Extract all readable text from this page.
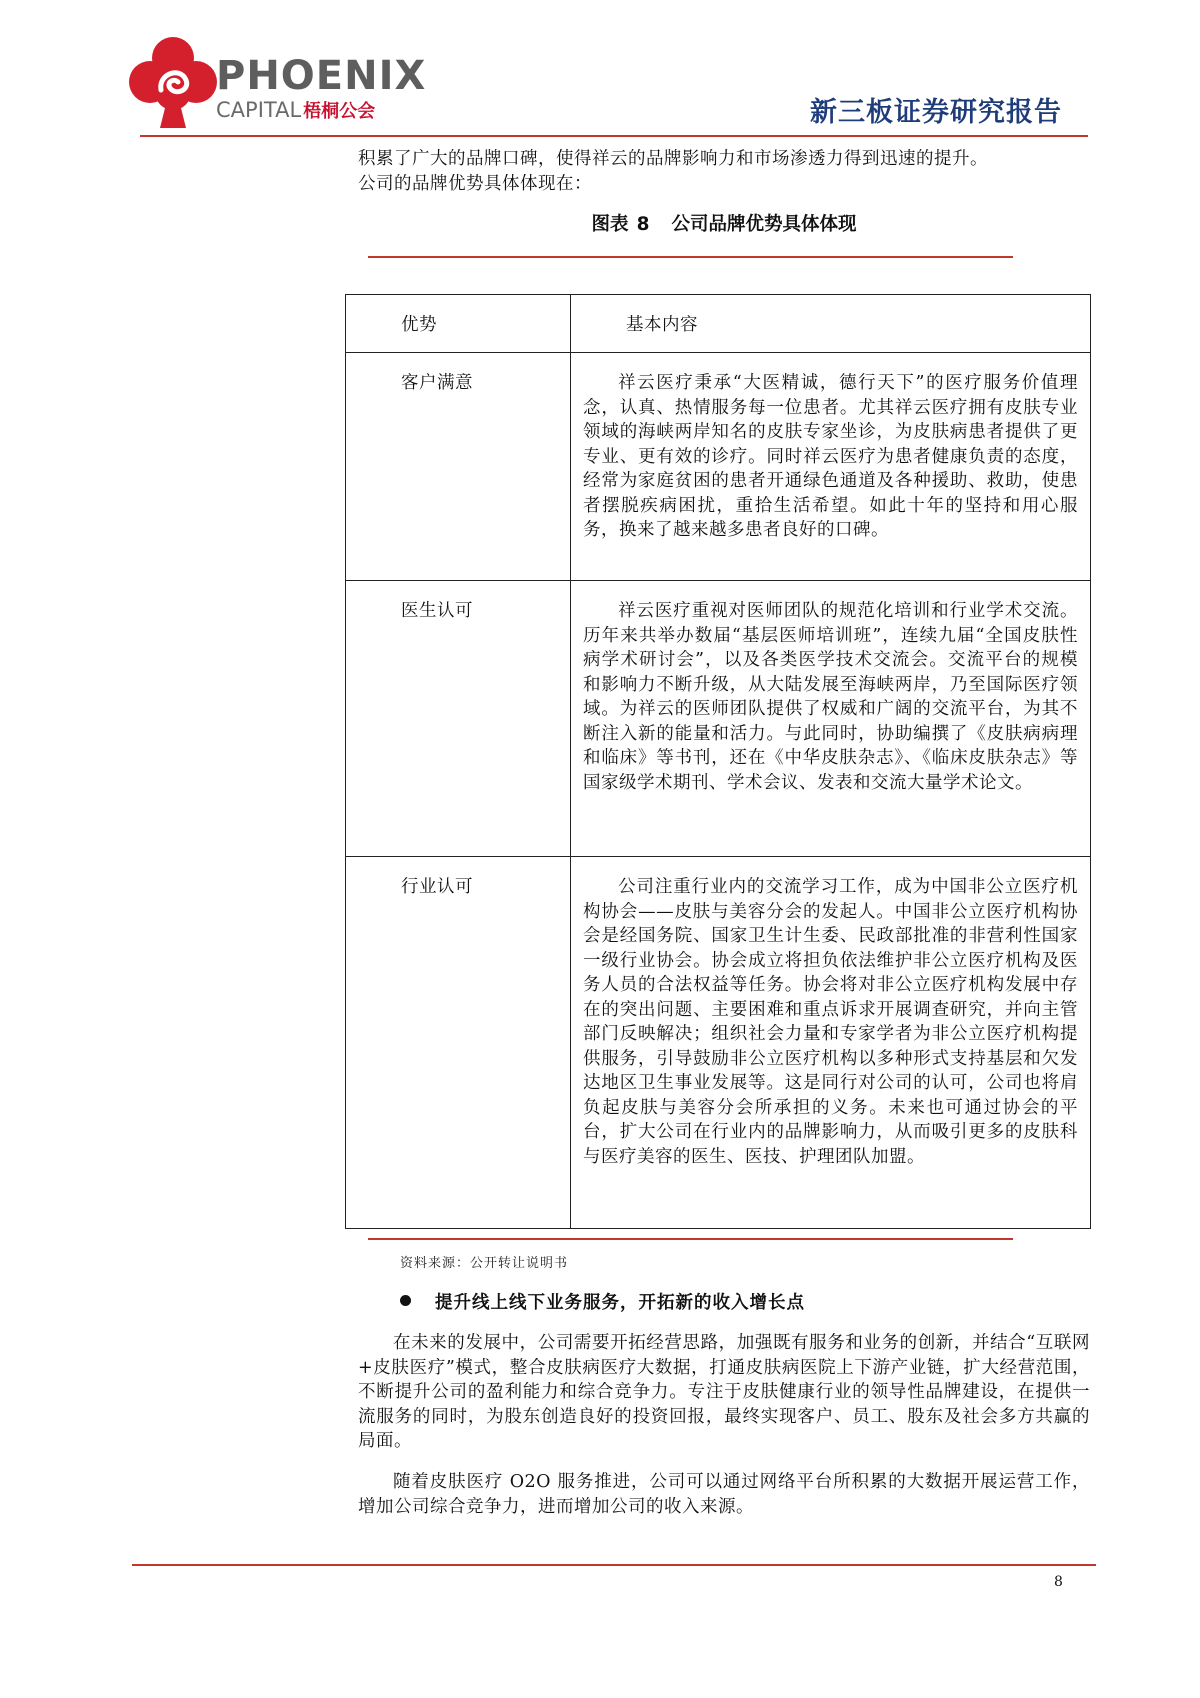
PHOENIX
CAPITAL 梧桐公会	新三板证券研究报告
积累了广大的品牌口碑，使得祥云的品牌影响力和市场渗透力得到迅速的提升。
公司的品牌优势具体体现在：
图表 8 公司品牌优势具体体现
优势	基本内容
客户满意	祥云医疗秉承“大医精诚，德行天下”的医疗服务价值理念，认真、热情服务每一位患者。尤其祥云医疗拥有皮肤专业领域的海峡两岸知名的皮肤专家坐诊，为皮肤病患者提供了更专业、更有效的诊疗。同时祥云医疗为患者健康负责的态度，经常为家庭贫困的患者开通绿色通道及各种援助、救助，使患者摆脱疾病困扰，重拾生活希望。如此十年的坚持和用心服务，换来了越来越多患者良好的口碑。

医生认可	祥云医疗重视对医师团队的规范化培训和行业学术交流。历年来共举办数届“基层医师培训班”，连续九届“全国皮肤性病学术研讨会”，以及各类医学技术交流会。交流平台的规模和影响力不断升级，从大陆发展至海峡两岸，乃至国际医疗领域。为祥云的医师团队提供了权威和广阔的交流平台，为其不断注入新的能量和活力。与此同时，协助编撰了《皮肤病病理和临床》等书刊，还在《中华皮肤杂志》、《临床皮肤杂志》等国家级学术期刊、学术会议、发表和交流大量学术论文。

行业认可	公司注重行业内的交流学习工作，成为中国非公立医疗机构协会——皮肤与美容分会的发起人。中国非公立医疗机构协会是经国务院、国家卫生计生委、民政部批准的非营利性国家一级行业协会。协会成立将担负依法维护非公立医疗机构及医务人员的合法权益等任务。协会将对非公立医疗机构发展中存在的突出问题、主要困难和重点诉求开展调查研究，并向主管部门反映解决；组织社会力量和专家学者为非公立医疗机构提供服务，引导鼓励非公立医疗机构以多种形式支持基层和欠发达地区卫生事业发展等。这是同行对公司的认可，公司也将肩负起皮肤与美容分会所承担的义务。未来也可通过协会的平台，扩大公司在行业内的品牌影响力，从而吸引更多的皮肤科与医疗美容的医生、医技、护理团队加盟。
资料来源：公开转让说明书
提升线上线下业务服务，开拓新的收入增长点
在未来的发展中，公司需要开拓经营思路，加强既有服务和业务的创新，并结合“互联网+皮肤医疗”模式，整合皮肤病医疗大数据，打通皮肤病医院上下游产业链，扩大经营范围，不断提升公司的盈利能力和综合竞争力。专注于皮肤健康行业的领导性品牌建设，在提供一流服务的同时，为股东创造良好的投资回报，最终实现客户、员工、股东及社会多方共赢的局面。
随着皮肤医疗 O2O 服务推进，公司可以通过网络平台所积累的大数据开展运营工作，增加公司综合竞争力，进而增加公司的收入来源。
8
